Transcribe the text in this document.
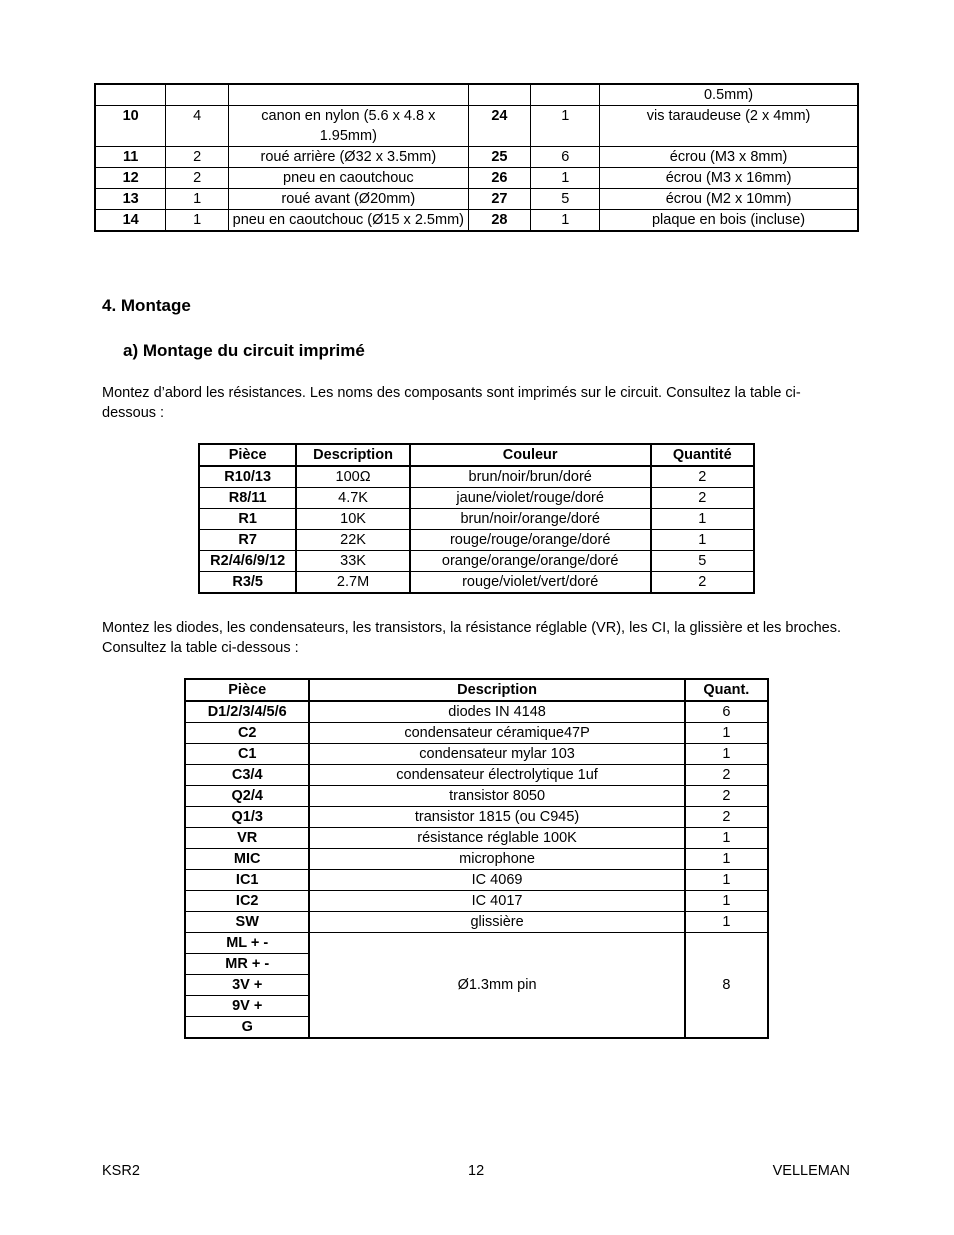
					0.5mm)
10	4	canon en nylon (5.6 x 4.8 x 1.95mm)	24	1	vis taraudeuse (2 x 4mm)
11	2	roué arrière (Ø32 x 3.5mm)	25	6	écrou (M3 x 8mm)
12	2	pneu en caoutchouc	26	1	écrou (M3 x 16mm)
13	1	roué avant (Ø20mm)	27	5	écrou (M2 x 10mm)
14	1	pneu en caoutchouc (Ø15 x 2.5mm)	28	1	plaque en bois (incluse)
4. Montage
a) Montage du circuit imprimé
Montez d’abord les résistances. Les noms des composants sont imprimés sur le circuit. Consultez la table ci-dessous :
Pièce	Description	Couleur	Quantité
R10/13	100Ω	brun/noir/brun/doré	2
R8/11	4.7K	jaune/violet/rouge/doré	2
R1	10K	brun/noir/orange/doré	1
R7	22K	rouge/rouge/orange/doré	1
R2/4/6/9/12	33K	orange/orange/orange/doré	5
R3/5	2.7M	rouge/violet/vert/doré	2
Montez les diodes, les condensateurs, les transistors, la résistance réglable (VR), les CI, la glissière et les broches. Consultez la table ci-dessous :
Pièce	Description	Quant.
D1/2/3/4/5/6	diodes IN 4148	6
C2	condensateur céramique47P	1
C1	condensateur mylar 103	1
C3/4	condensateur électrolytique 1uf	2
Q2/4	transistor 8050	2
Q1/3	transistor 1815 (ou C945)	2
VR	résistance réglable 100K	1
MIC	microphone	1
IC1	IC 4069	1
IC2	IC 4017	1
SW	glissière	1
ML + -	Ø1.3mm pin	8
MR + -		
3V +		
9V +		
G		
KSR2	12	VELLEMAN
